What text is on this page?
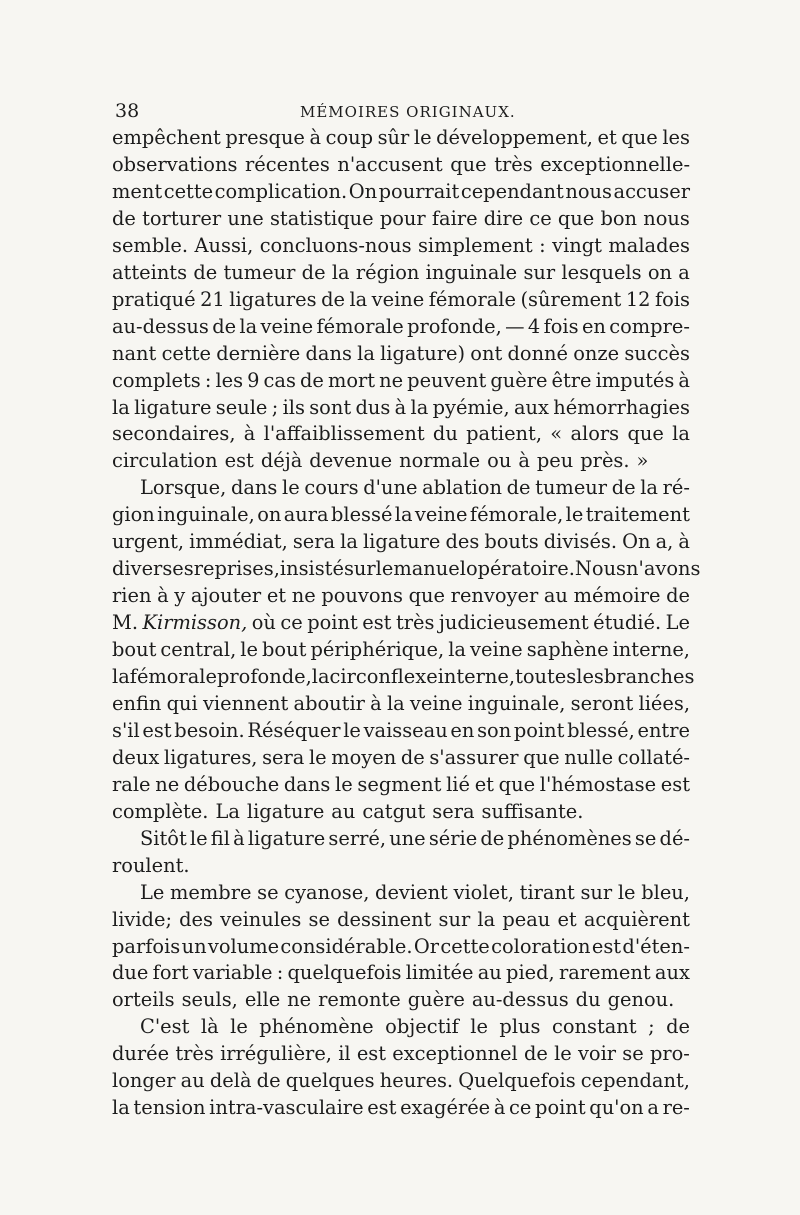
38	MÉMOIRES ORIGINAUX.
empêchent presque à coup sûr le développement, et que les
observations récentes n'accusent que très exceptionnelle-
ment cette complication. On pourrait cependant nous accuser
de torturer une statistique pour faire dire ce que bon nous
semble. Aussi, concluons-nous simplement : vingt malades
atteints de tumeur de la région inguinale sur lesquels on a
pratiqué 21 ligatures de la veine fémorale (sûrement 12 fois
au-dessus de la veine fémorale profonde, — 4 fois en compre-
nant cette dernière dans la ligature) ont donné onze succès
complets : les 9 cas de mort ne peuvent guère être imputés à
la ligature seule ; ils sont dus à la pyémie, aux hémorrhagies
secondaires, à l'affaiblissement du patient, « alors que la
circulation est déjà devenue normale ou à peu près. »
Lorsque, dans le cours d'une ablation de tumeur de la ré-
gion inguinale, on aura blessé la veine fémorale, le traitement
urgent, immédiat, sera la ligature des bouts divisés. On a, à
diverses reprises, insisté sur le manuel opératoire. Nous n'avons
rien à y ajouter et ne pouvons que renvoyer au mémoire de
M. Kirmisson, où ce point est très judicieusement étudié. Le
bout central, le bout périphérique, la veine saphène interne,
la fémorale profonde, la circonflexe interne, toutes les branches
enfin qui viennent aboutir à la veine inguinale, seront liées,
s'il est besoin. Réséquer le vaisseau en son point blessé, entre
deux ligatures, sera le moyen de s'assurer que nulle collaté-
rale ne débouche dans le segment lié et que l'hémostase est
complète. La ligature au catgut sera suffisante.
Sitôt le fil à ligature serré, une série de phénomènes se dé-
roulent.
Le membre se cyanose, devient violet, tirant sur le bleu,
livide; des veinules se dessinent sur la peau et acquièrent
parfois un volume considérable. Or cette coloration est d'éten-
due fort variable : quelquefois limitée au pied, rarement aux
orteils seuls, elle ne remonte guère au-dessus du genou.
C'est là le phénomène objectif le plus constant ; de
durée très irrégulière, il est exceptionnel de le voir se pro-
longer au delà de quelques heures. Quelquefois cependant,
la tension intra-vasculaire est exagérée à ce point qu'on a re-
